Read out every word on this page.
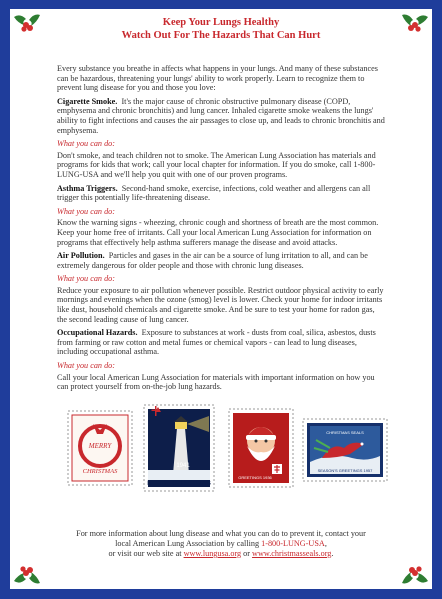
Keep Your Lungs Healthy
Watch Out For The Hazards That Can Hurt

Every substance you breathe in affects what happens in your lungs. And many of these substances can be hazardous, threatening your lungs' ability to work properly. Learn to recognize them to prevent lung disease for you and those you love:

Cigarette Smoke. It's the major cause of chronic obstructive pulmonary disease (COPD, emphysema and chronic bronchitis) and lung cancer. Inhaled cigarette smoke weakens the lungs' ability to fight infections and causes the air passages to close up, and leads to chronic bronchitis and emphysema.

What you can do:

Don't smoke, and teach children not to smoke. The American Lung Association has materials and programs for kids that work; call your local chapter for information. If you do smoke, call 1-800-LUNG-USA and we'll help you quit with one of our proven programs.

Asthma Triggers. Second-hand smoke, exercise, infections, cold weather and allergens can all trigger this potentially life-threatening disease.

What you can do:

Know the warning signs - wheezing, chronic cough and shortness of breath are the most common. Keep your home free of irritants. Call your local American Lung Association for information on programs that effectively help asthma sufferers manage the disease and avoid attacks.

Air Pollution. Particles and gases in the air can be a source of lung irritation to all, and can be extremely dangerous for older people and those with chronic lung diseases.

What you can do:

Reduce your exposure to air pollution whenever possible. Restrict outdoor physical activity to early mornings and evenings when the ozone (smog) level is lower. Check your home for indoor irritants like dust, household chemicals and cigarette smoke. And be sure to test your home for radon gas, the second leading cause of lung cancer.

Occupational Hazards. Exposure to substances at work - dusts from coal, silica, asbestos, dusts from farming or raw cotton and metal fumes or chemical vapors - can lead to lung diseases, including occupational asthma.

What you can do:

Call your local American Lung Association for materials with important information on how you can protect yourself from on-the-job lung hazards.

MERRY
CHRISTMAS
1941
MERRY CHRISTMAS
GREETINGS 1936
CHRISTMAS SEALS
SEASON'S GREETINGS 1957
For more information about lung disease and what you can do to prevent it, contact your
local American Lung Association by calling 1-800-LUNG-USA,
or visit our web site at www.lungusa.org or www.christmasseals.org.
